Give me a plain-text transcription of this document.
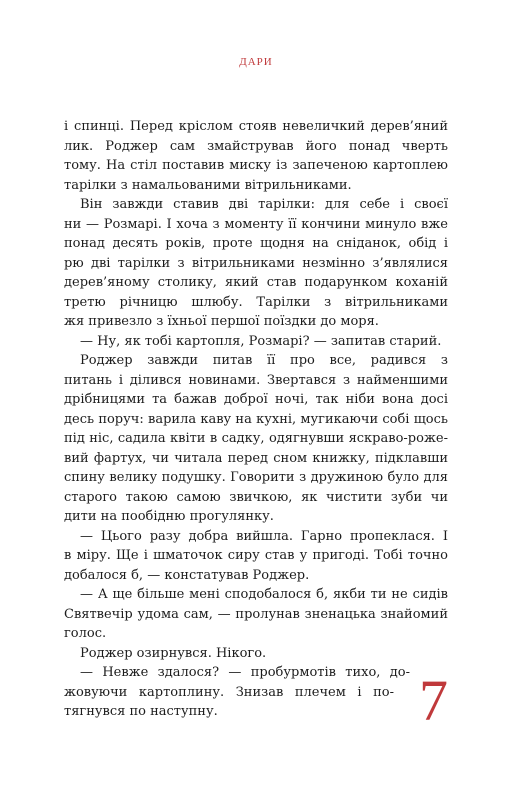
ДАРИ
і спинці. Перед кріслом стояв невеличкий дерев’яний
лик. Роджер сам змайстрував його понад чверть
тому. На стіл поставив миску із запеченою картоплею
тарілки з намальованими вітрильниками.
Він завжди ставив дві тарілки: для себе і своєї
ни — Розмарі. І хоча з моменту її кончини минуло вже
понад десять років, проте щодня на сніданок, обід і
рю дві тарілки з вітрильниками незмінно з’являлися
дерев’яному столику, який став подарунком коханій
третю річницю шлюбу. Тарілки з вітрильниками
жя привезло з їхньої першої поїздки до моря.
— Ну, як тобі картопля, Розмарі? — запитав старий.
Роджер завжди питав її про все, радився з
питань і ділився новинами. Звертався з найменшими
дрібницями та бажав доброї ночі, так ніби вона досі
десь поруч: варила каву на кухні, мугикаючи собі щось
під ніс, садила квіти в садку, одягнувши яскраво-роже-
вий фартух, чи читала перед сном книжку, підклавши
спину велику подушку. Говорити з дружиною було для
старого такою самою звичкою, як чистити зуби чи
дити на пообідню прогулянку.
— Цього разу добра вийшла. Гарно пропеклася. І
в міру. Ще і шматочок сиру став у пригоді. Тобі точно
добалося б, — констатував Роджер.
— А ще більше мені сподобалося б, якби ти не сидів
Святвечір удома сам, — пролунав зненацька знайомий
голос.
Роджер озирнувся. Нікого.
— Невже здалося? — пробурмотів тихо, до-
жовуючи картоплину. Знизав плечем і по-
тягнувся по наступну.	7
